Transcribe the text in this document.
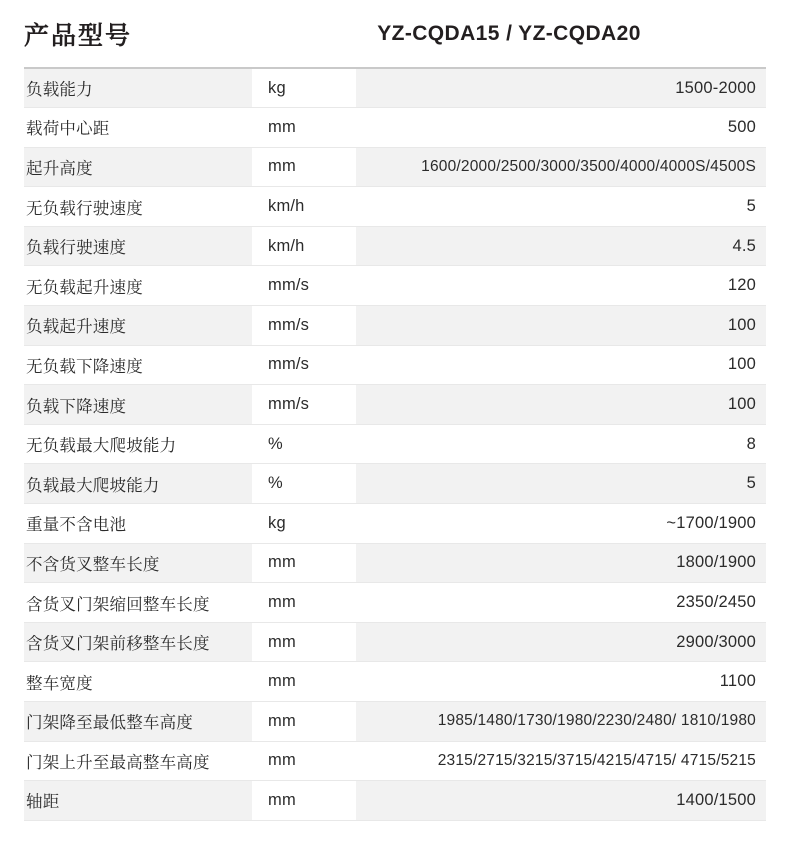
产品型号	YZ-CQDA15 / YZ-CQDA20	
负载能力	kg	1500-2000
载荷中心距	mm	500
起升高度	mm	1600/2000/2500/3000/3500/4000/4000S/4500S
无负载行驶速度	km/h	5
负载行驶速度	km/h	4.5
无负载起升速度	mm/s	120
负载起升速度	mm/s	100
无负载下降速度	mm/s	100
负载下降速度	mm/s	100
无负载最大爬坡能力	%	8
负载最大爬坡能力	%	5
重量不含电池	kg	~1700/1900
不含货叉整车长度	mm	1800/1900
含货叉门架缩回整车长度	mm	2350/2450
含货叉门架前移整车长度	mm	2900/3000
整车宽度	mm	1100
门架降至最低整车高度	mm	1985/1480/1730/1980/2230/2480/ 1810/1980
门架上升至最高整车高度	mm	2315/2715/3215/3715/4215/4715/ 4715/5215
轴距	mm	1400/1500
